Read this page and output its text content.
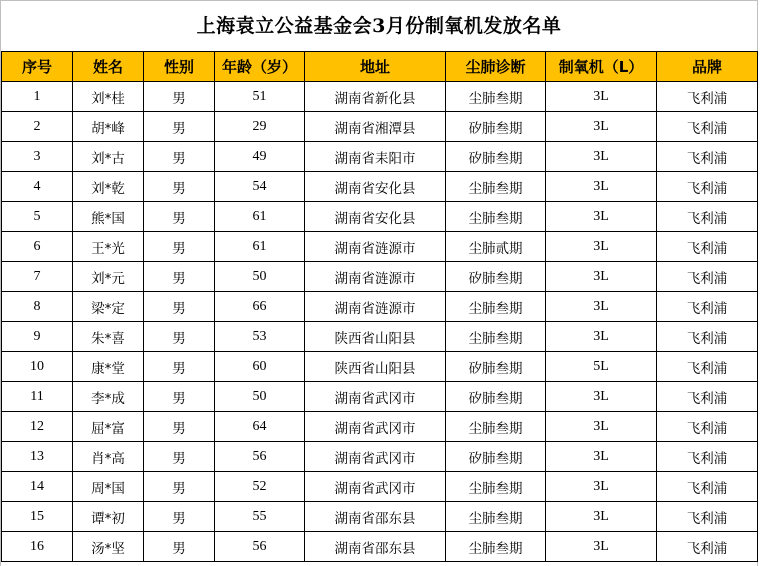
上海袁立公益基金会3月份制氧机发放名单
序号	姓名	性别	年龄（岁）	地址	尘肺诊断	制氧机（L）	品牌
1	刘*桂	男	51	湖南省新化县	尘肺叁期	3L	飞利浦
2	胡*峰	男	29	湖南省湘潭县	矽肺叁期	3L	飞利浦
3	刘*古	男	49	湖南省耒阳市	矽肺叁期	3L	飞利浦
4	刘*乾	男	54	湖南省安化县	尘肺叁期	3L	飞利浦
5	熊*国	男	61	湖南省安化县	尘肺叁期	3L	飞利浦
6	王*光	男	61	湖南省涟源市	尘肺贰期	3L	飞利浦
7	刘*元	男	50	湖南省涟源市	矽肺叁期	3L	飞利浦
8	梁*定	男	66	湖南省涟源市	尘肺叁期	3L	飞利浦
9	朱*喜	男	53	陕西省山阳县	尘肺叁期	3L	飞利浦
10	康*堂	男	60	陕西省山阳县	矽肺叁期	5L	飞利浦
11	李*成	男	50	湖南省武冈市	矽肺叁期	3L	飞利浦
12	屈*富	男	64	湖南省武冈市	尘肺叁期	3L	飞利浦
13	肖*高	男	56	湖南省武冈市	矽肺叁期	3L	飞利浦
14	周*国	男	52	湖南省武冈市	尘肺叁期	3L	飞利浦
15	谭*初	男	55	湖南省邵东县	尘肺叁期	3L	飞利浦
16	汤*坚	男	56	湖南省邵东县	尘肺叁期	3L	飞利浦
